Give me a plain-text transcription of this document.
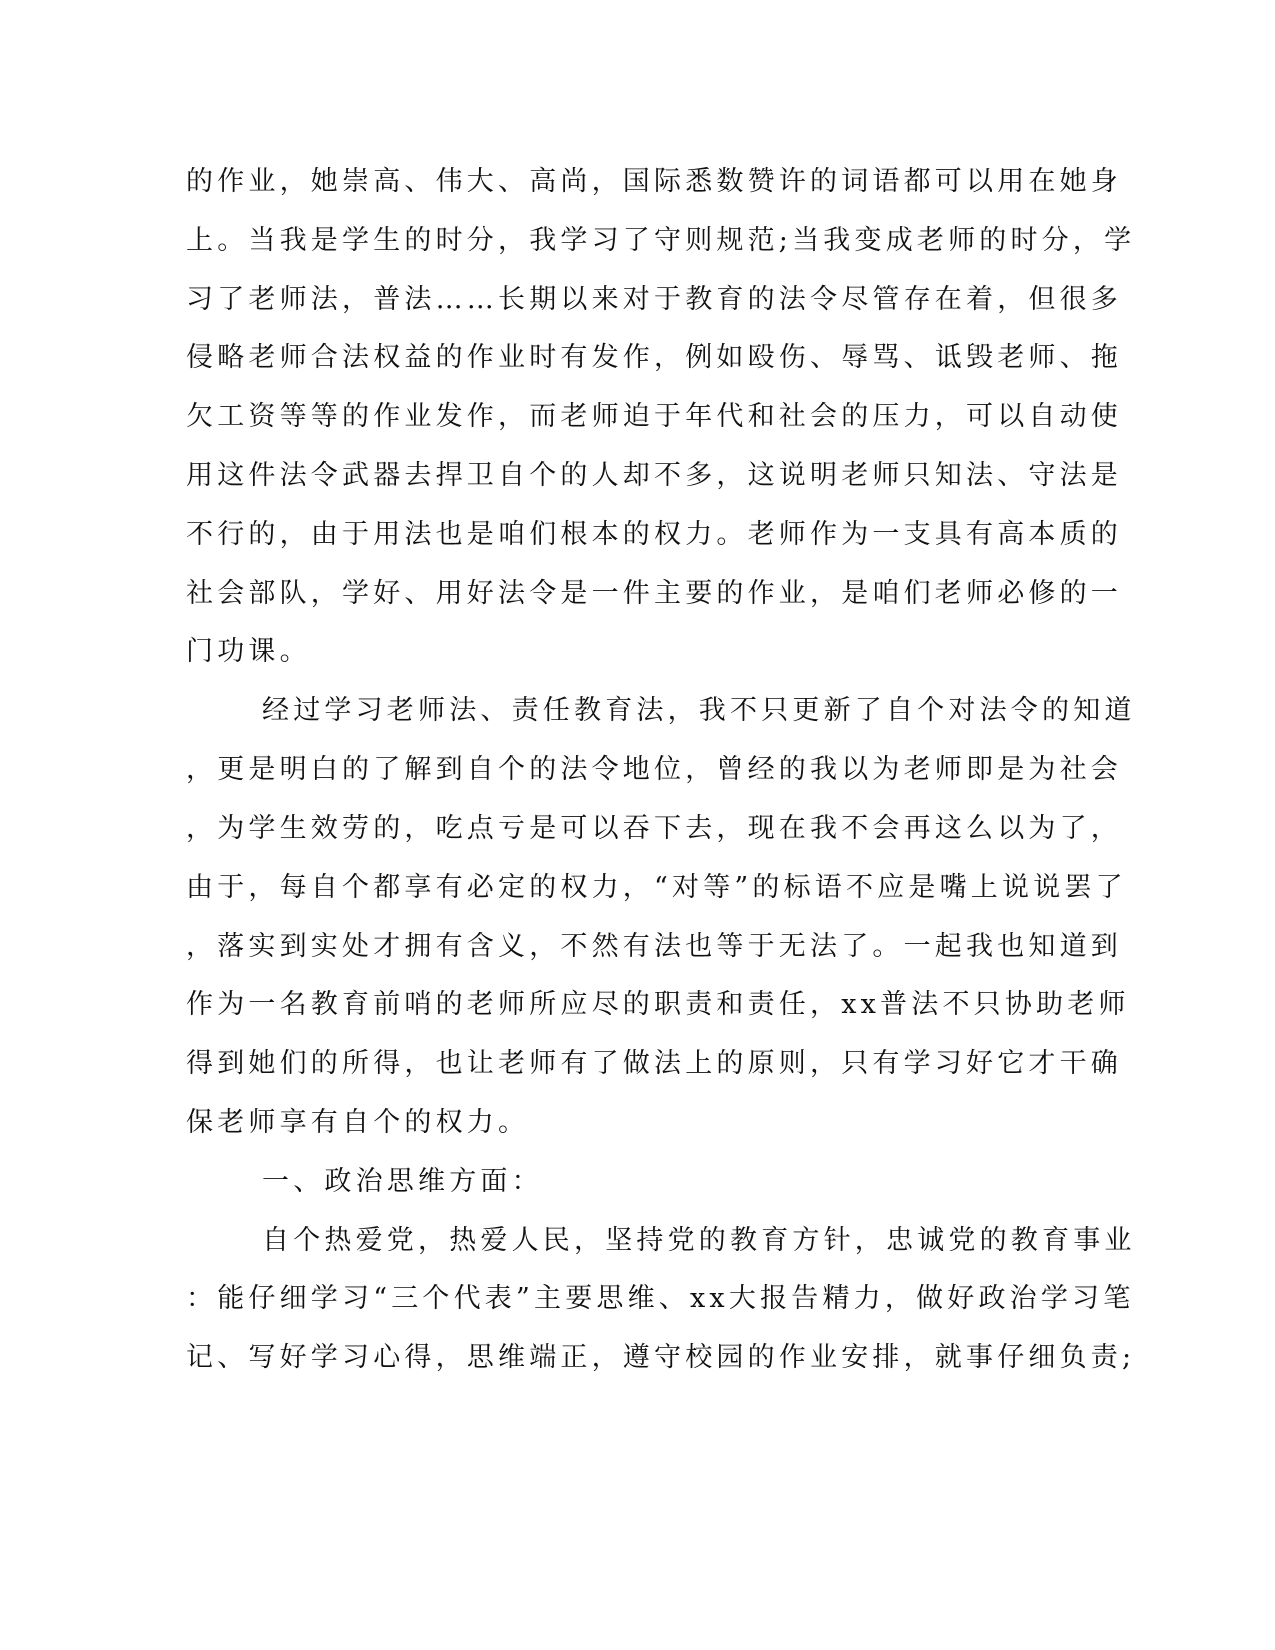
的作业，她崇高、伟大、高尚，国际悉数赞许的词语都可以用在她身
上。当我是学生的时分，我学习了守则规范;当我变成老师的时分，学
习了老师法，普法……长期以来对于教育的法令尽管存在着，但很多
侵略老师合法权益的作业时有发作，例如殴伤、辱骂、诋毁老师、拖
欠工资等等的作业发作，而老师迫于年代和社会的压力，可以自动使
用这件法令武器去捍卫自个的人却不多，这说明老师只知法、守法是
不行的，由于用法也是咱们根本的权力。老师作为一支具有高本质的
社会部队，学好、用好法令是一件主要的作业，是咱们老师必修的一
门功课。
经过学习老师法、责任教育法，我不只更新了自个对法令的知道
，更是明白的了解到自个的法令地位，曾经的我以为老师即是为社会
，为学生效劳的，吃点亏是可以吞下去，现在我不会再这么以为了，
由于，每自个都享有必定的权力，“对等”的标语不应是嘴上说说罢了
，落实到实处才拥有含义，不然有法也等于无法了。一起我也知道到
作为一名教育前哨的老师所应尽的职责和责任，xx普法不只协助老师
得到她们的所得，也让老师有了做法上的原则，只有学习好它才干确
保老师享有自个的权力。
一、政治思维方面：
自个热爱党，热爱人民，坚持党的教育方针，忠诚党的教育事业
：能仔细学习“三个代表”主要思维、xx大报告精力，做好政治学习笔
记、写好学习心得，思维端正，遵守校园的作业安排，就事仔细负责;
